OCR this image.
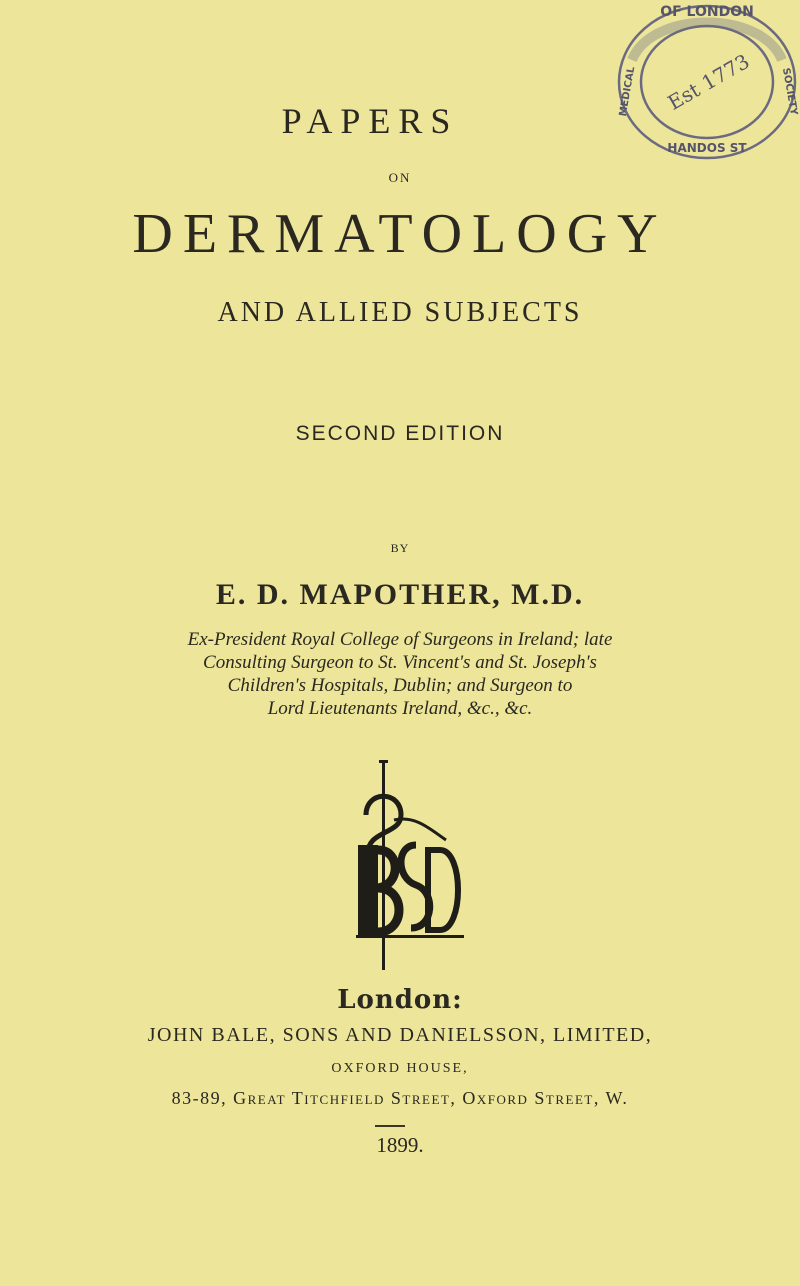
OF LONDON
HANDOS ST
MEDICAL	SOCIETY
Est 1773
PAPERS
ON
DERMATOLOGY
AND ALLIED SUBJECTS
SECOND EDITION
BY
E. D. MAPOTHER, M.D.
Ex-President Royal College of Surgeons in Ireland; late
Consulting Surgeon to St. Vincent's and St. Joseph's
Children's Hospitals, Dublin; and Surgeon to
Lord Lieutenants Ireland, &c., &c.
London:
JOHN BALE, SONS AND DANIELSSON, LIMITED,
OXFORD HOUSE,
83-89, Great Titchfield Street, Oxford Street, W.
1899.
